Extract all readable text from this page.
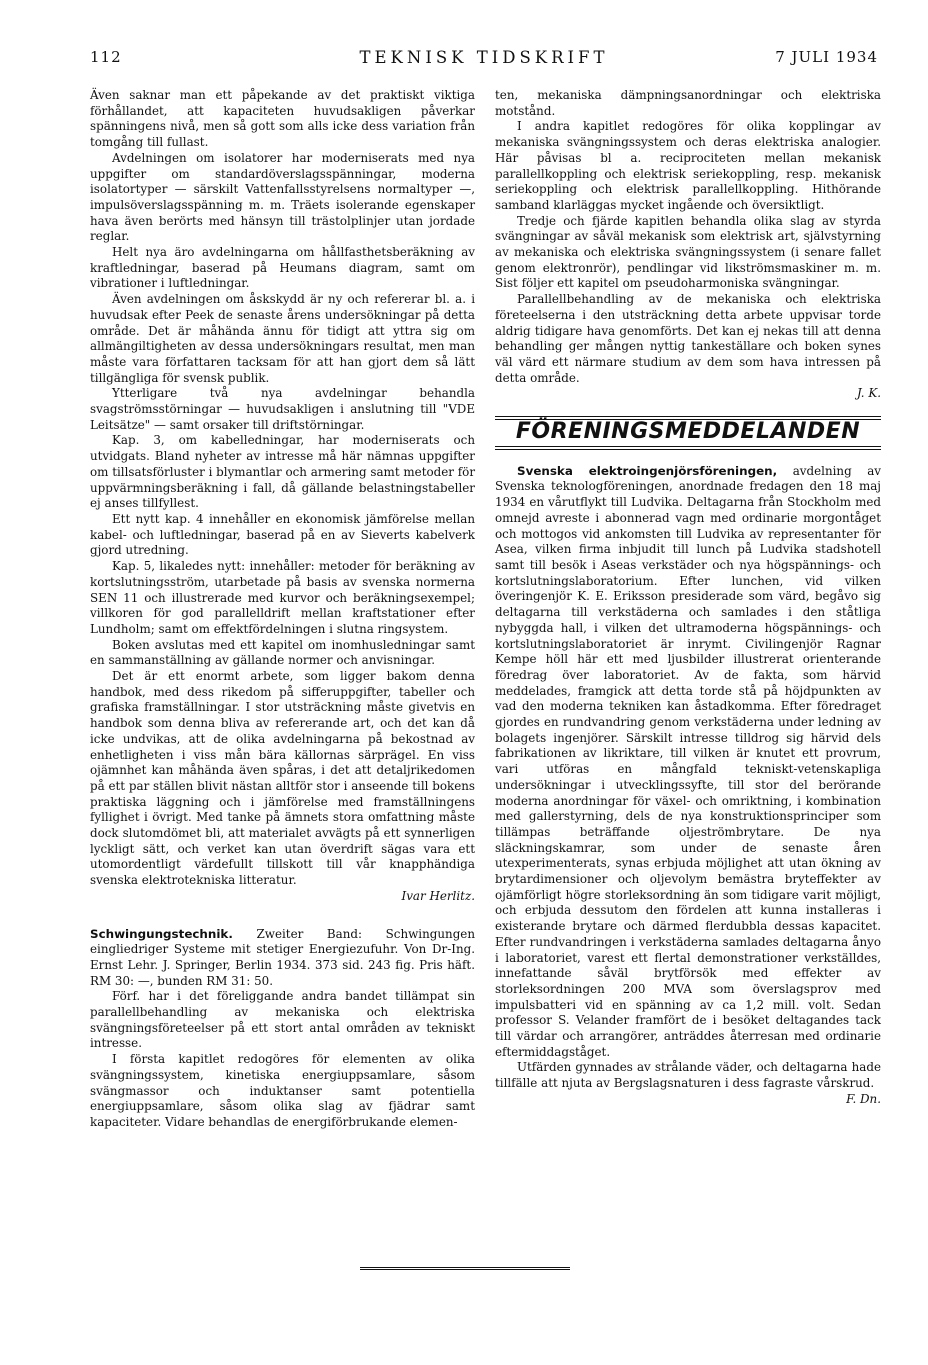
112	TEKNISK TIDSKRIFT	7 JULI 1934

Även saknar man ett påpekande av det praktiskt viktiga förhållandet, att kapaciteten huvudsakligen påverkar spänningens nivå, men så gott som alls icke dess variation från tomgång till fullast.

Avdelningen om isolatorer har moderniserats med nya uppgifter om standardöverslagsspänningar, moderna isolatortyper — särskilt Vattenfallsstyrelsens normaltyper —, impulsöverslagsspänning m. m. Träets isolerande egenskaper hava även berörts med hänsyn till trästolplinjer utan jordade reglar.

Helt nya äro avdelningarna om hållfasthetsberäkning av kraftledningar, baserad på Heumans diagram, samt om vibrationer i luftledningar.

Även avdelningen om åskskydd är ny och refererar bl. a. i huvudsak efter Peek de senaste årens undersökningar på detta område. Det är måhända ännu för tidigt att yttra sig om allmängiltigheten av dessa undersökningars resultat, men man måste vara författaren tacksam för att han gjort dem så lätt tillgängliga för svensk publik.

Ytterligare två nya avdelningar behandla svagströmsstörningar — huvudsakligen i anslutning till "VDE Leitsätze" — samt orsaker till driftstörningar.

Kap. 3, om kabelledningar, har moderniserats och utvidgats. Bland nyheter av intresse må här nämnas uppgifter om tillsatsförluster i blymantlar och armering samt metoder för uppvärmningsberäkning i fall, då gällande belastningstabeller ej anses tillfyllest.

Ett nytt kap. 4 innehåller en ekonomisk jämförelse mellan kabel- och luftledningar, baserad på en av Sieverts kabelverk gjord utredning.

Kap. 5, likaledes nytt: innehåller: metoder för beräkning av kortslutningsström, utarbetade på basis av svenska normerna SEN 11 och illustrerade med kurvor och beräkningsexempel; villkoren för god parallelldrift mellan kraftstationer efter Lundholm; samt om effektfördelningen i slutna ringsystem.

Boken avslutas med ett kapitel om inomhusledningar samt en sammanställning av gällande normer och anvisningar.

Det är ett enormt arbete, som ligger bakom denna handbok, med dess rikedom på sifferuppgifter, tabeller och grafiska framställningar. I stor utsträckning måste givetvis en handbok som denna bliva av refererande art, och det kan då icke undvikas, att de olika avdelningarna på bekostnad av enhetligheten i viss mån bära källornas särprägel. En viss ojämnhet kan måhända även spåras, i det att detaljrikedomen på ett par ställen blivit nästan alltför stor i anseende till bokens praktiska läggning och i jämförelse med framställningens fyllighet i övrigt. Med tanke på ämnets stora omfattning måste dock slutomdömet bli, att materialet avvägts på ett synnerligen lyckligt sätt, och verket kan utan överdrift sägas vara ett utomordentligt värdefullt tillskott till vår knapphändiga svenska elektrotekniska litteratur.

Ivar Herlitz.

Schwingungstechnik. Zweiter Band: Schwingungen eingliedriger Systeme mit stetiger Energiezufuhr. Von Dr-Ing. Ernst Lehr. J. Springer, Berlin 1934. 373 sid. 243 fig. Pris häft. RM 30: —, bunden RM 31: 50.

Förf. har i det föreliggande andra bandet tillämpat sin parallellbehandling av mekaniska och elektriska svängningsföreteelser på ett stort antal områden av tekniskt intresse.

I första kapitlet redogöres för elementen av olika svängningssystem, kinetiska energiuppsamlare, såsom svängmassor och induktanser samt potentiella energiuppsamlare, såsom olika slag av fjädrar samt kapaciteter. Vidare behandlas de energiförbrukande elemen-

ten, mekaniska dämpningsanordningar och elektriska motstånd.

I andra kapitlet redogöres för olika kopplingar av mekaniska svängningssystem och deras elektriska analogier. Här påvisas bl a. reciprociteten mellan mekanisk parallellkoppling och elektrisk seriekoppling, resp. mekanisk seriekoppling och elektrisk parallellkoppling. Hithörande samband klarläggas mycket ingående och översiktligt.

Tredje och fjärde kapitlen behandla olika slag av styrda svängningar av såväl mekanisk som elektrisk art, självstyrning av mekaniska och elektriska svängningssystem (i senare fallet genom elektronrör), pendlingar vid likströmsmaskiner m. m. Sist följer ett kapitel om pseudoharmoniska svängningar.

Parallellbehandling av de mekaniska och elektriska företeelserna i den utsträckning detta arbete uppvisar torde aldrig tidigare hava genomförts. Det kan ej nekas till att denna behandling ger mången nyttig tankeställare och boken synes väl värd ett närmare studium av dem som hava intressen på detta område.

J. K.

FÖRENINGSMEDDELANDEN

Svenska elektroingenjörsföreningen, avdelning av Svenska teknologföreningen, anordnade fredagen den 18 maj 1934 en vårutflykt till Ludvika. Deltagarna från Stockholm med omnejd avreste i abonnerad vagn med ordinarie morgontåget och mottogos vid ankomsten till Ludvika av representanter för Asea, vilken firma inbjudit till lunch på Ludvika stadshotell samt till besök i Aseas verkstäder och nya högspännings- och kortslutningslaboratorium. Efter lunchen, vid vilken överingenjör K. E. Eriksson presiderade som värd, begåvo sig deltagarna till verkstäderna och samlades i den ståtliga nybyggda hall, i vilken det ultramoderna högspännings- och kortslutningslaboratoriet är inrymt. Civilingenjör Ragnar Kempe höll här ett med ljusbilder illustrerat orienterande föredrag över laboratoriet. Av de fakta, som härvid meddelades, framgick att detta torde stå på höjdpunkten av vad den moderna tekniken kan åstadkomma. Efter föredraget gjordes en rundvandring genom verkstäderna under ledning av bolagets ingenjörer. Särskilt intresse tilldrog sig härvid dels fabrikationen av likriktare, till vilken är knutet ett provrum, vari utföras en mångfald tekniskt-vetenskapliga undersökningar i utvecklingssyfte, till stor del berörande moderna anordningar för växel- och omriktning, i kombination med gallerstyrning, dels de nya konstruktionsprinciper som tillämpas beträffande oljeströmbrytare. De nya släckningskamrar, som under de senaste åren utexperimenterats, synas erbjuda möjlighet att utan ökning av brytardimensioner och oljevolym bemästra bryteffekter av ojämförligt högre storleksordning än som tidigare varit möjligt, och erbjuda dessutom den fördelen att kunna installeras i existerande brytare och därmed flerdubbla dessas kapacitet. Efter rundvandringen i verkstäderna samlades deltagarna ånyo i laboratoriet, varest ett flertal demonstrationer verkställdes, innefattande såväl brytförsök med effekter av storleksordningen 200 MVA som överslagsprov med impulsbatteri vid en spänning av ca 1,2 mill. volt. Sedan professor S. Velander framfört de i besöket deltagandes tack till värdar och arrangörer, anträddes återresan med ordinarie eftermiddagståget.

Utfärden gynnades av strålande väder, och deltagarna hade tillfälle att njuta av Bergslagsnaturen i dess fagraste vårskrud.

F. Dn.
